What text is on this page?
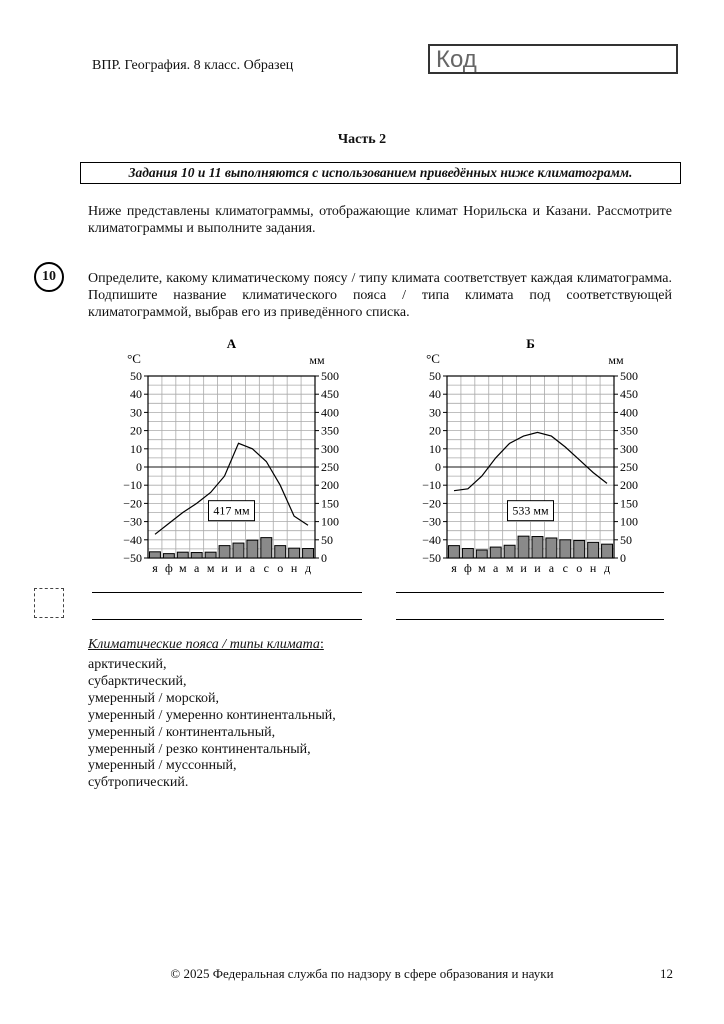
ВПР. География. 8 класс. Образец	Код
Часть 2
Задания 10 и 11 выполняются с использованием приведённых ниже климатограмм.
Ниже представлены климатограммы, отображающие климат Норильска и Казани. Рассмотрите климатограммы и выполните задания.
10	Определите, какому климатическому поясу / типу климата соответствует каждая климатограмма. Подпишите название климатического пояса / типа климата под соответствующей климатограммой, выбрав его из приведённого списка.
А
°С	мм
50
40
30
20
10
0
−10
−20
−30
−40
−50
500
450
400
350
300
250
200
150
100
50
0
417 мм
я ф м а м и и а с о н д
Б
°С	мм
50
40
30
20
10
0
−10
−20
−30
−40
−50
500
450
400
350
300
250
200
150
100
50
0
533 мм
я ф м а м и и а с о н д
Климатические пояса / типы климата:
арктический,
субарктический,
умеренный / морской,
умеренный / умеренно континентальный,
умеренный / континентальный,
умеренный / резко континентальный,
умеренный / муссонный,
субтропический.
© 2025 Федеральная служба по надзору в сфере образования и науки	12
